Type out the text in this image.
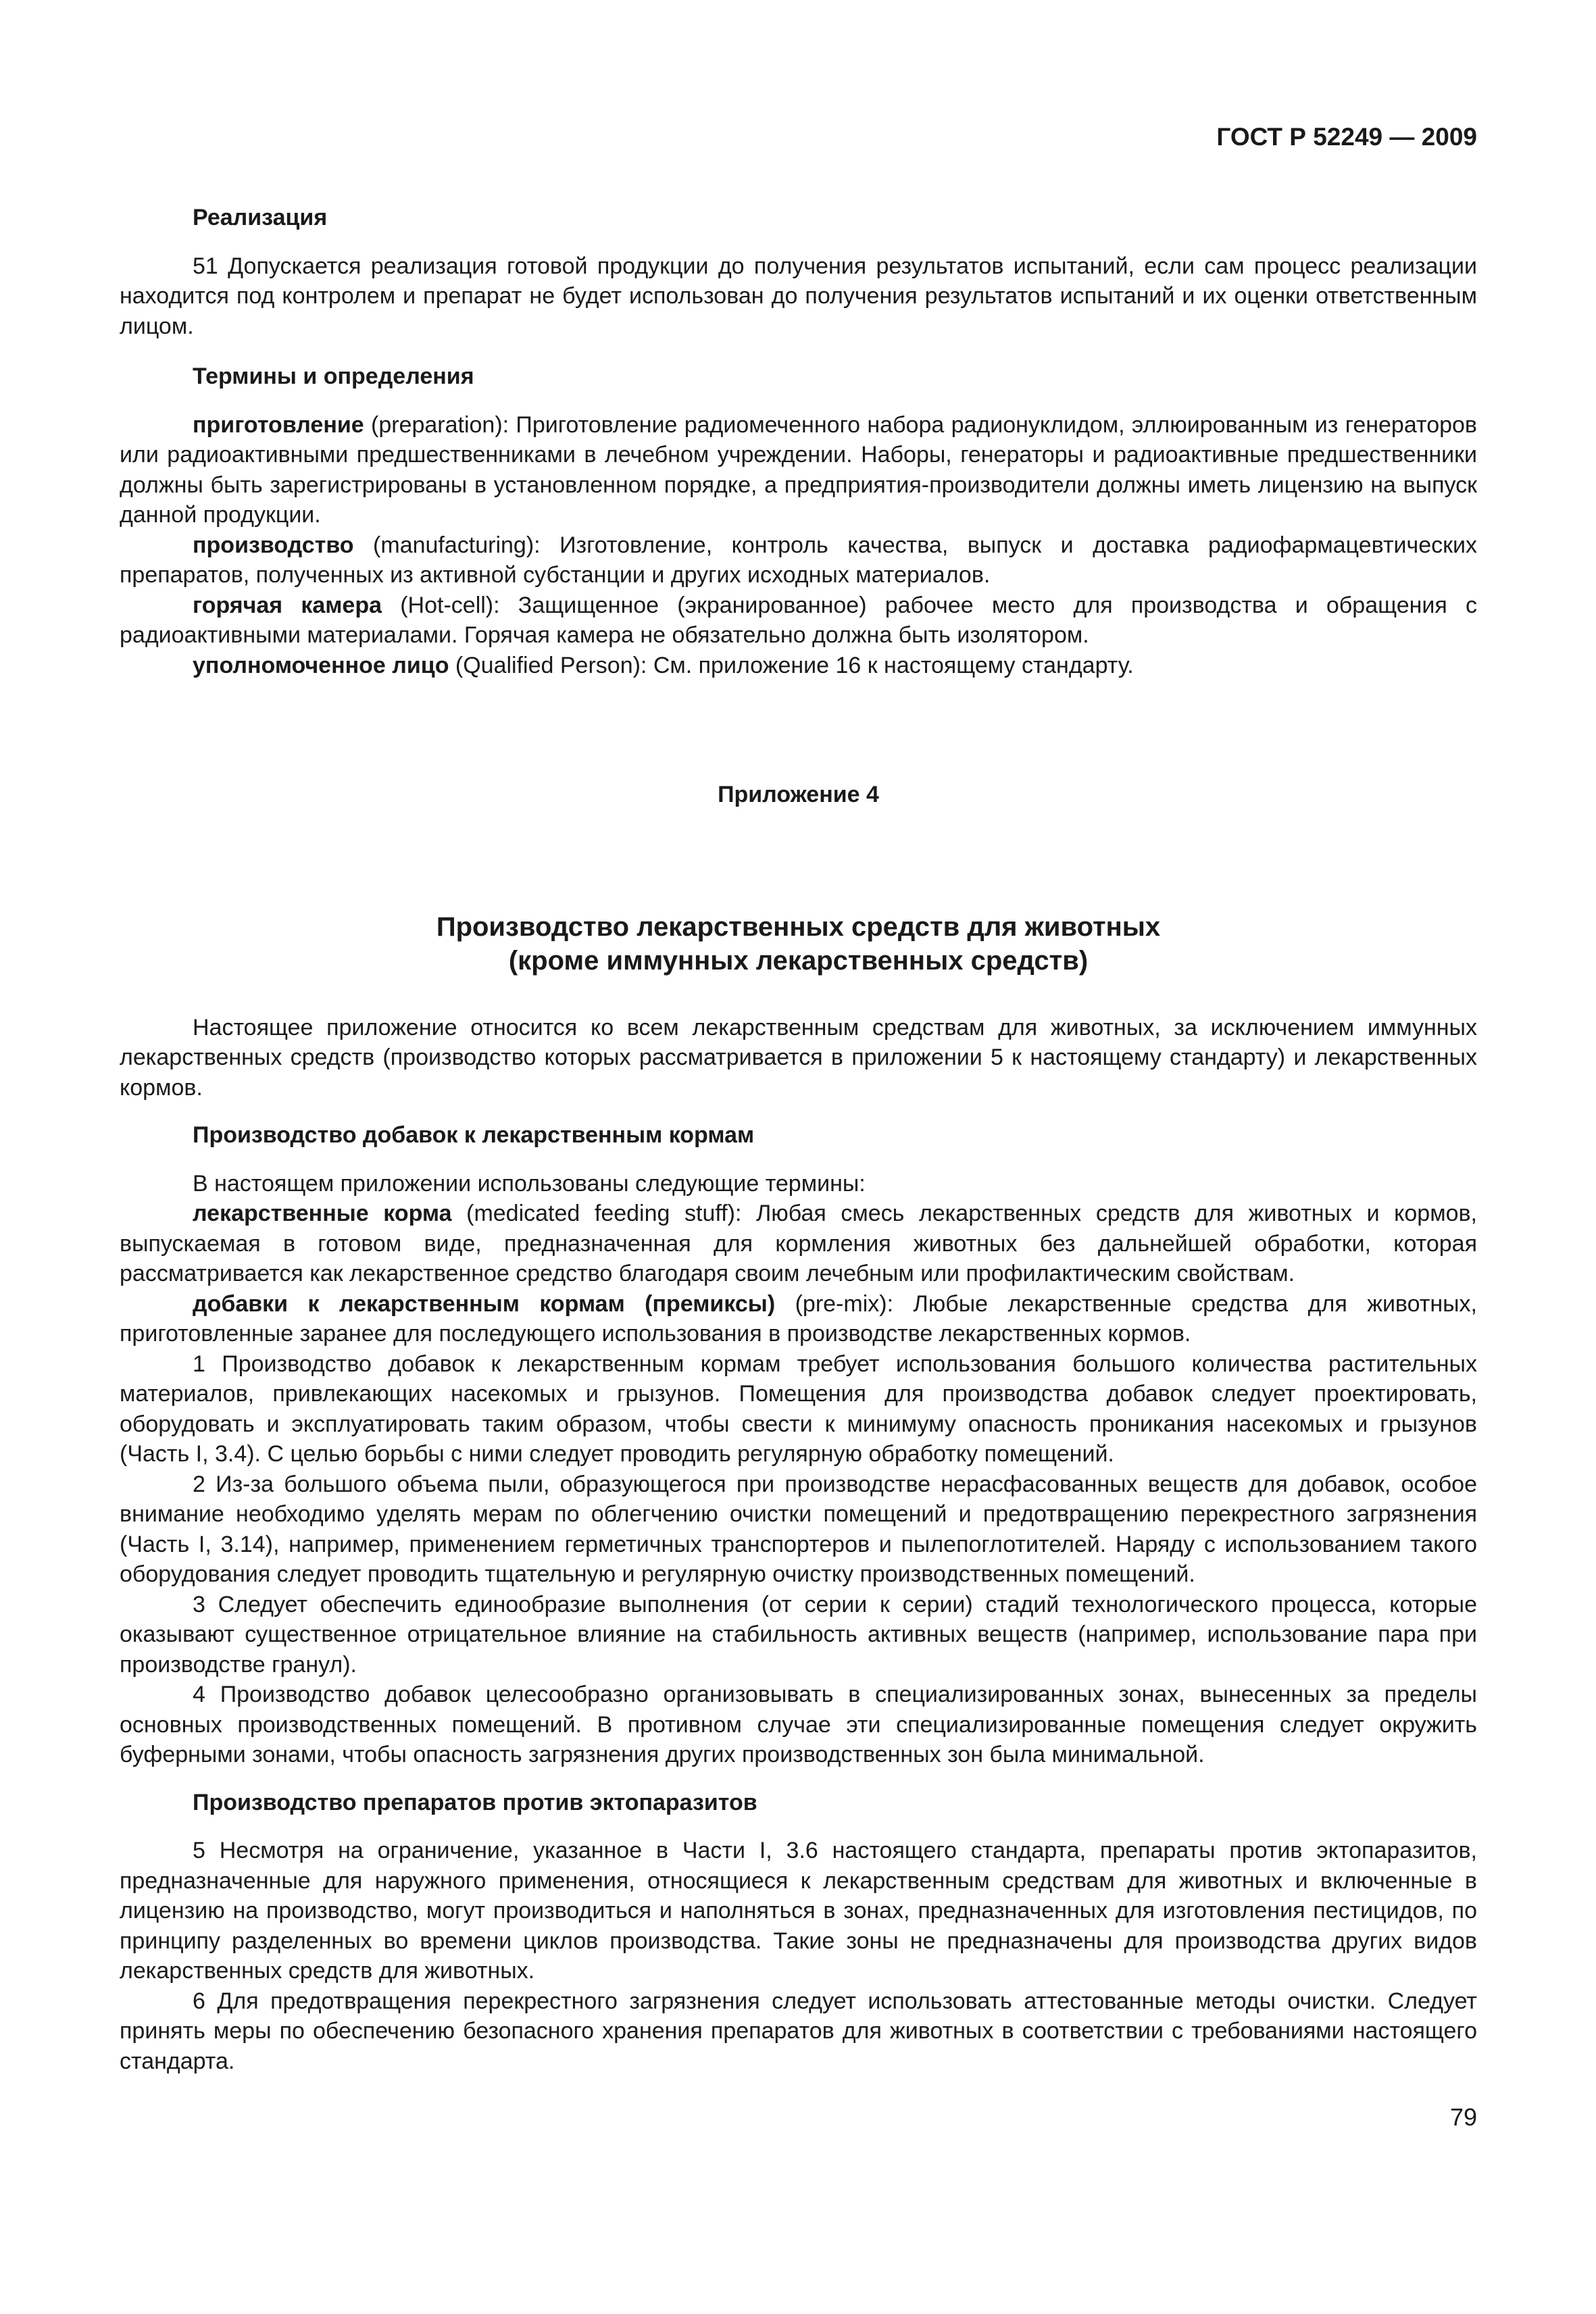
ГОСТ Р 52249 — 2009
Реализация

51 Допускается реализация готовой продукции до получения результатов испытаний, если сам процесс реализации находится под контролем и препарат не будет использован до получения результатов испытаний и их оценки ответственным лицом.

Термины и определения

приготовление (preparation): Приготовление радиомеченного набора радионуклидом, эллюированным из генераторов или радиоактивными предшественниками в лечебном учреждении. Наборы, генераторы и радиоактивные предшественники должны быть зарегистрированы в установленном порядке, а предприятия-производители должны иметь лицензию на выпуск данной продукции.

производство (manufacturing): Изготовление, контроль качества, выпуск и доставка радиофармацевтических препаратов, полученных из активной субстанции и других исходных материалов.

горячая камера (Hot-cell): Защищенное (экранированное) рабочее место для производства и обращения с радиоактивными материалами. Горячая камера не обязательно должна быть изолятором.

уполномоченное лицо (Qualified Person): См. приложение 16 к настоящему стандарту.

Приложение 4
Производство лекарственных средств для животных
(кроме иммунных лекарственных средств)

Настоящее приложение относится ко всем лекарственным средствам для животных, за исключением иммунных лекарственных средств (производство которых рассматривается в приложении 5 к настоящему стандарту) и лекарственных кормов.

Производство добавок к лекарственным кормам

В настоящем приложении использованы следующие термины:

лекарственные корма (medicated feeding stuff): Любая смесь лекарственных средств для животных и кормов, выпускаемая в готовом виде, предназначенная для кормления животных без дальнейшей обработки, которая рассматривается как лекарственное средство благодаря своим лечебным или профилактическим свойствам.

добавки к лекарственным кормам (премиксы) (pre-mix): Любые лекарственные средства для животных, приготовленные заранее для последующего использования в производстве лекарственных кормов.

1 Производство добавок к лекарственным кормам требует использования большого количества растительных материалов, привлекающих насекомых и грызунов. Помещения для производства добавок следует проектировать, оборудовать и эксплуатировать таким образом, чтобы свести к минимуму опасность проникания насекомых и грызунов (Часть I, 3.4). С целью борьбы с ними следует проводить регулярную обработку помещений.

2 Из-за большого объема пыли, образующегося при производстве нерасфасованных веществ для добавок, особое внимание необходимо уделять мерам по облегчению очистки помещений и предотвращению перекрестного загрязнения (Часть I, 3.14), например, применением герметичных транспортеров и пылепоглотителей. Наряду с использованием такого оборудования следует проводить тщательную и регулярную очистку производственных помещений.

3 Следует обеспечить единообразие выполнения (от серии к серии) стадий технологического процесса, которые оказывают существенное отрицательное влияние на стабильность активных веществ (например, использование пара при производстве гранул).

4 Производство добавок целесообразно организовывать в специализированных зонах, вынесенных за пределы основных производственных помещений. В противном случае эти специализированные помещения следует окружить буферными зонами, чтобы опасность загрязнения других производственных зон была минимальной.

Производство препаратов против эктопаразитов

5 Несмотря на ограничение, указанное в Части I, 3.6 настоящего стандарта, препараты против эктопаразитов, предназначенные для наружного применения, относящиеся к лекарственным средствам для животных и включенные в лицензию на производство, могут производиться и наполняться в зонах, предназначенных для изготовления пестицидов, по принципу разделенных во времени циклов производства. Такие зоны не предназначены для производства других видов лекарственных средств для животных.

6 Для предотвращения перекрестного загрязнения следует использовать аттестованные методы очистки. Следует принять меры по обеспечению безопасного хранения препаратов для животных в соответствии с требованиями настоящего стандарта.

79
